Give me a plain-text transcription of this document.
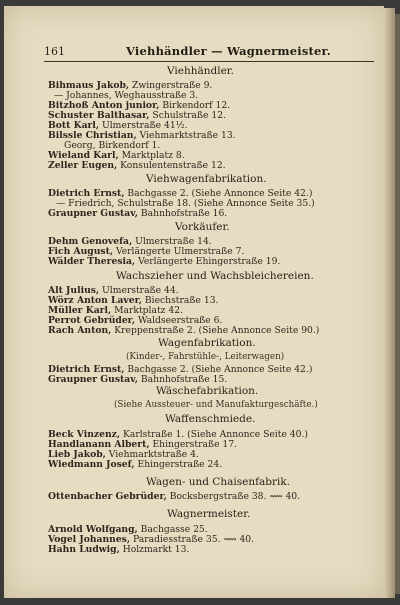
161	Viehhändler — Wagnermeister.
Viehhändler.
Bihmaus Jakob, Zwingerstraße 9.
— Johannes, Weghausstraße 3.
Bitzhoß Anton junior, Birkendorf 12.
Schuster Balthasar, Schulstraße 12.
Bott Karl, Ulmerstraße 41½.
Bilssle Christian, Viehmarktstraße 13.
Georg, Birkendorf 1.
Wieland Karl, Marktplatz 8.
Zeller Eugen, Konsulentenstraße 12.
Viehwagenfabrikation.
Dietrich Ernst, Bachgasse 2. (Siehe Annonce Seite 42.)
— Friedrich, Schulstraße 18. (Siehe Annonce Seite 35.)
Graupner Gustav, Bahnhofstraße 16.
Vorkäufer.
Dehm Genovefa, Ulmerstraße 14.
Fich August, Verlängerte Ulmerstraße 7.
Wälder Theresia, Verlängerte Ehingerstraße 19.
Wachszieher und Wachsbleichereien.
Alt Julius, Ulmerstraße 44.
Wörz Anton Laver, Biechstraße 13.
Müller Karl, Marktplatz 42.
Perrot Gebrüder, Waldseerstraße 6.
Rach Anton, Kreppenstraße 2. (Siehe Annonce Seite 90.)
Wagenfabrikation.
(Kinder-, Fahrstühle-, Leiterwagen)
Dietrich Ernst, Bachgasse 2. (Siehe Annonce Seite 42.)
Graupner Gustav, Bahnhofstraße 15.
Wäschefabrikation.
(Siehe Aussteuer- und Manufakturgeschäfte.)
Waffenschmiede.
Beck Vinzenz, Karlstraße 1. (Siehe Annonce Seite 40.)
Handlanann Albert, Ehingerstraße 17.
Lieb Jakob, Viehmarktstraße 4.
Wiedmann Josef, Ehingerstraße 24.
Wagen- und Chaisenfabrik.
Ottenbacher Gebrüder, Bocksbergstraße 38. ⟿ 40.
Wagnermeister.
Arnold Wolfgang, Bachgasse 25.
Vogel Johannes, Paradiesstraße 35. ⟿ 40.
Hahn Ludwig, Holzmarkt 13.
